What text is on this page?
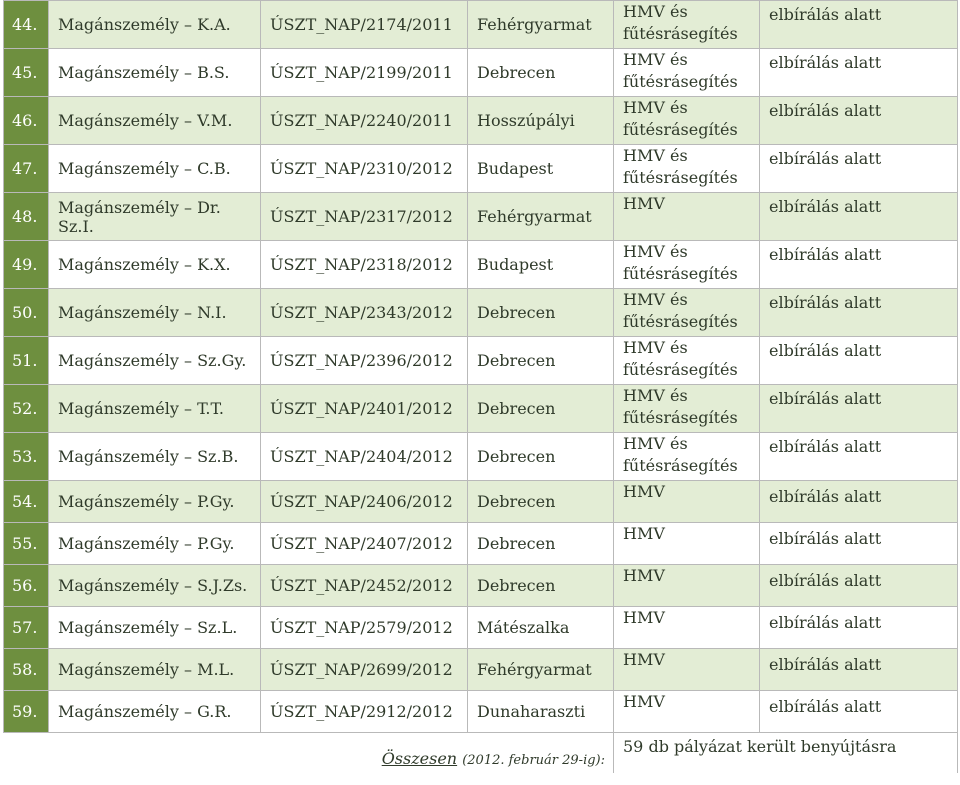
44.	Magánszemély – K.A.	ÚSZT_NAP/2174/2011	Fehérgyarmat	HMV és fűtésrásegítés	elbírálás alatt
45.	Magánszemély – B.S.	ÚSZT_NAP/2199/2011	Debrecen	HMV és fűtésrásegítés	elbírálás alatt
46.	Magánszemély – V.M.	ÚSZT_NAP/2240/2011	Hosszúpályi	HMV és fűtésrásegítés	elbírálás alatt
47.	Magánszemély – C.B.	ÚSZT_NAP/2310/2012	Budapest	HMV és fűtésrásegítés	elbírálás alatt
48.	Magánszemély – Dr. Sz.I.	ÚSZT_NAP/2317/2012	Fehérgyarmat	HMV	elbírálás alatt
49.	Magánszemély – K.X.	ÚSZT_NAP/2318/2012	Budapest	HMV és fűtésrásegítés	elbírálás alatt
50.	Magánszemély – N.I.	ÚSZT_NAP/2343/2012	Debrecen	HMV és fűtésrásegítés	elbírálás alatt
51.	Magánszemély – Sz.Gy.	ÚSZT_NAP/2396/2012	Debrecen	HMV és fűtésrásegítés	elbírálás alatt
52.	Magánszemély – T.T.	ÚSZT_NAP/2401/2012	Debrecen	HMV és fűtésrásegítés	elbírálás alatt
53.	Magánszemély – Sz.B.	ÚSZT_NAP/2404/2012	Debrecen	HMV és fűtésrásegítés	elbírálás alatt
54.	Magánszemély – P.Gy.	ÚSZT_NAP/2406/2012	Debrecen	HMV	elbírálás alatt
55.	Magánszemély – P.Gy.	ÚSZT_NAP/2407/2012	Debrecen	HMV	elbírálás alatt
56.	Magánszemély – S.J.Zs.	ÚSZT_NAP/2452/2012	Debrecen	HMV	elbírálás alatt
57.	Magánszemély – Sz.L.	ÚSZT_NAP/2579/2012	Mátészalka	HMV	elbírálás alatt
58.	Magánszemély – M.L.	ÚSZT_NAP/2699/2012	Fehérgyarmat	HMV	elbírálás alatt
59.	Magánszemély – G.R.	ÚSZT_NAP/2912/2012	Dunaharaszti	HMV	elbírálás alatt
		Összesen (2012. február 29-ig):		59 db pályázat került benyújtásra	
